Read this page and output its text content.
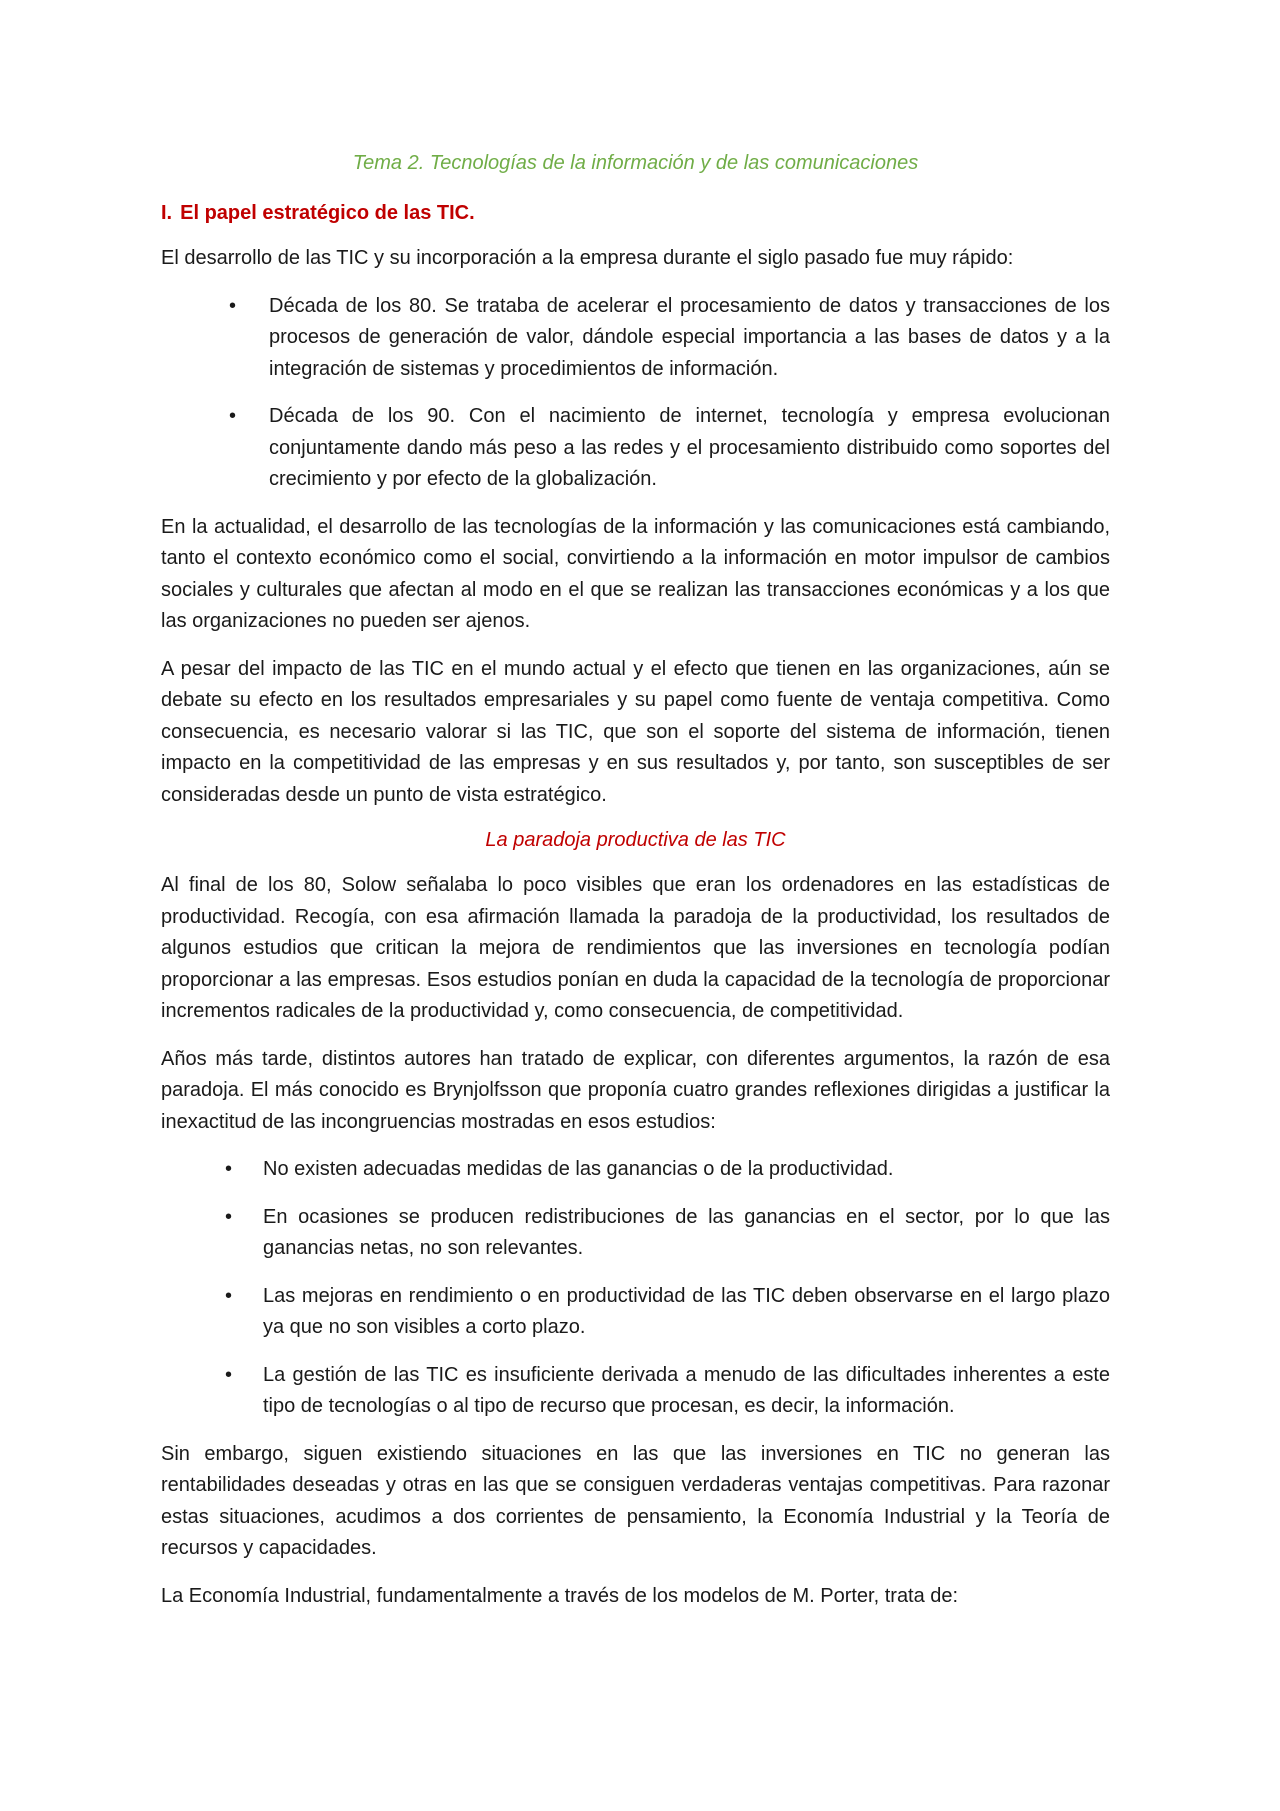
Tema 2. Tecnologías de la información y de las comunicaciones
I. El papel estratégico de las TIC.

El desarrollo de las TIC y su incorporación a la empresa durante el siglo pasado fue muy rápido:

• Década de los 80. Se trataba de acelerar el procesamiento de datos y transacciones de los procesos de generación de valor, dándole especial importancia a las bases de datos y a la integración de sistemas y procedimientos de información.
• Década de los 90. Con el nacimiento de internet, tecnología y empresa evolucionan conjuntamente dando más peso a las redes y el procesamiento distribuido como soportes del crecimiento y por efecto de la globalización.

En la actualidad, el desarrollo de las tecnologías de la información y las comunicaciones está cambiando, tanto el contexto económico como el social, convirtiendo a la información en motor impulsor de cambios sociales y culturales que afectan al modo en el que se realizan las transacciones económicas y a los que las organizaciones no pueden ser ajenos.

A pesar del impacto de las TIC en el mundo actual y el efecto que tienen en las organizaciones, aún se debate su efecto en los resultados empresariales y su papel como fuente de ventaja competitiva. Como consecuencia, es necesario valorar si las TIC, que son el soporte del sistema de información, tienen impacto en la competitividad de las empresas y en sus resultados y, por tanto, son susceptibles de ser consideradas desde un punto de vista estratégico.

La paradoja productiva de las TIC

Al final de los 80, Solow señalaba lo poco visibles que eran los ordenadores en las estadísticas de productividad. Recogía, con esa afirmación llamada la paradoja de la productividad, los resultados de algunos estudios que critican la mejora de rendimientos que las inversiones en tecnología podían proporcionar a las empresas. Esos estudios ponían en duda la capacidad de la tecnología de proporcionar incrementos radicales de la productividad y, como consecuencia, de competitividad.

Años más tarde, distintos autores han tratado de explicar, con diferentes argumentos, la razón de esa paradoja. El más conocido es Brynjolfsson que proponía cuatro grandes reflexiones dirigidas a justificar la inexactitud de las incongruencias mostradas en esos estudios:

• No existen adecuadas medidas de las ganancias o de la productividad.
• En ocasiones se producen redistribuciones de las ganancias en el sector, por lo que las ganancias netas, no son relevantes.
• Las mejoras en rendimiento o en productividad de las TIC deben observarse en el largo plazo ya que no son visibles a corto plazo.
• La gestión de las TIC es insuficiente derivada a menudo de las dificultades inherentes a este tipo de tecnologías o al tipo de recurso que procesan, es decir, la información.

Sin embargo, siguen existiendo situaciones en las que las inversiones en TIC no generan las rentabilidades deseadas y otras en las que se consiguen verdaderas ventajas competitivas. Para razonar estas situaciones, acudimos a dos corrientes de pensamiento, la Economía Industrial y la Teoría de recursos y capacidades.

La Economía Industrial, fundamentalmente a través de los modelos de M. Porter, trata de:
